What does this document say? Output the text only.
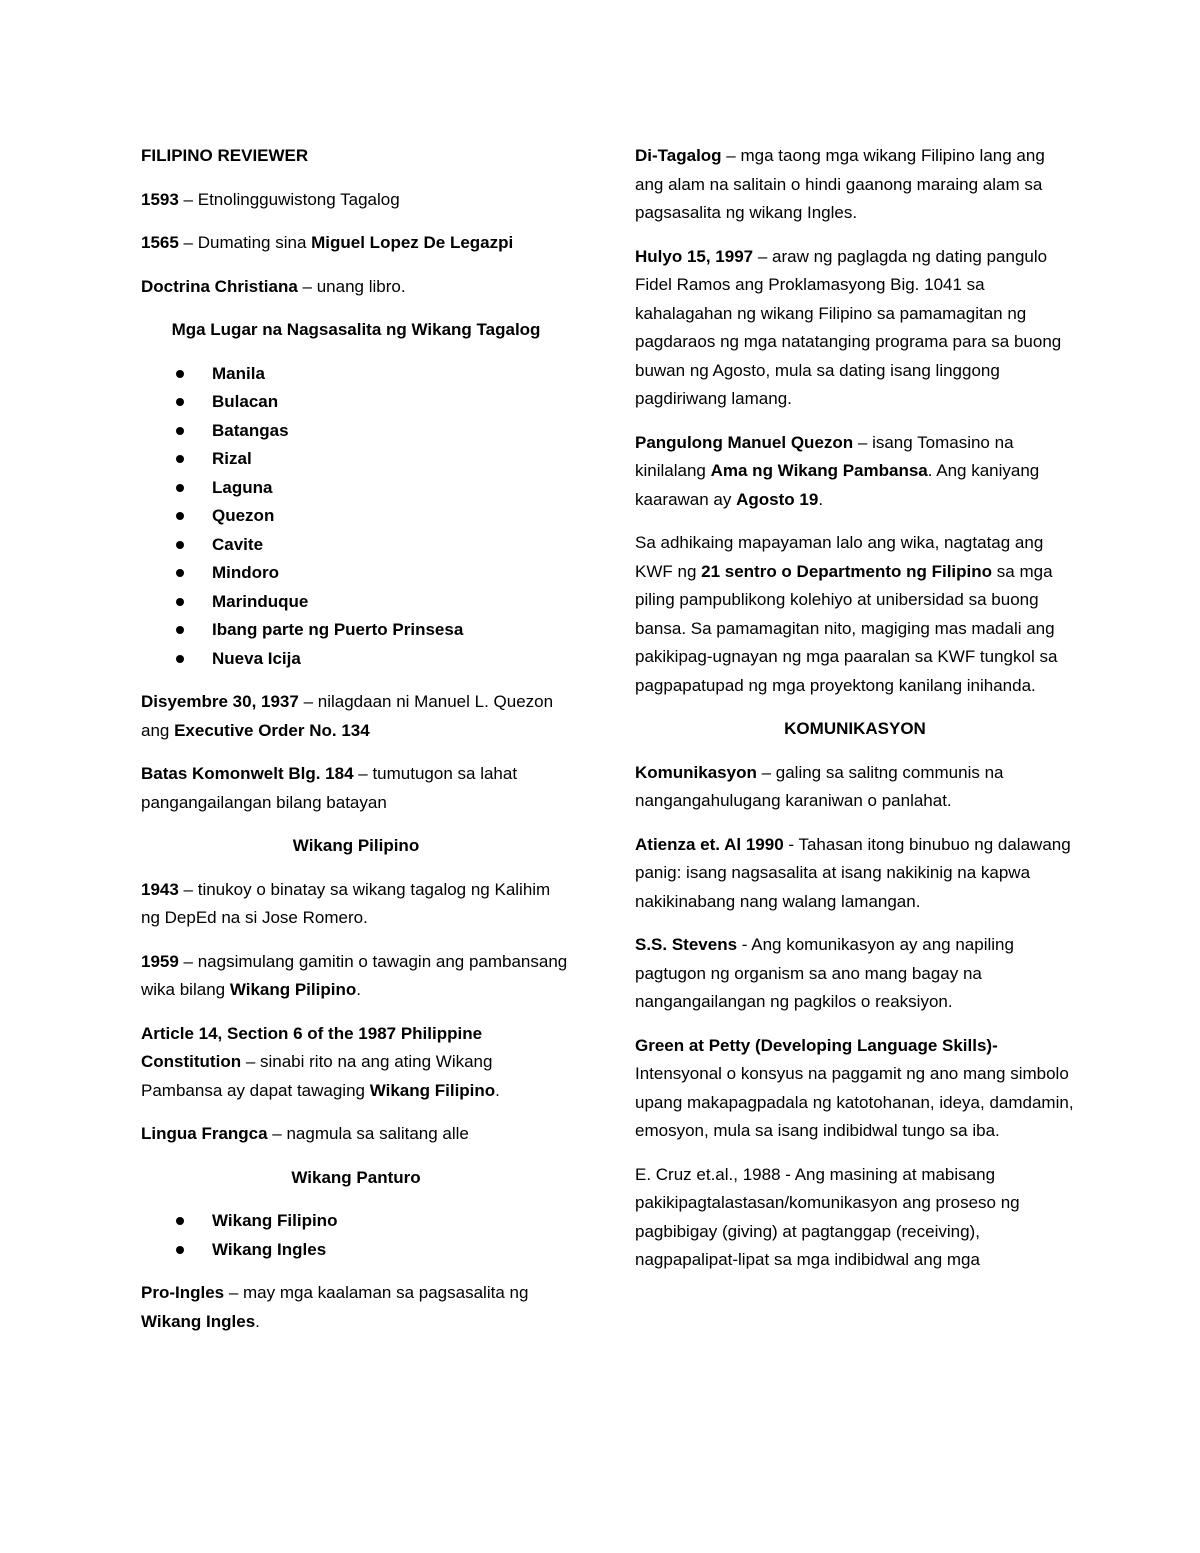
FILIPINO REVIEWER

1593 – Etnolingguwistong Tagalog

1565 – Dumating sina Miguel Lopez De Legazpi

Doctrina Christiana – unang libro.

Mga Lugar na Nagsasalita ng Wikang Tagalog

Manila
Bulacan
Batangas
Rizal
Laguna
Quezon
Cavite
Mindoro
Marinduque
Ibang parte ng Puerto Prinsesa
Nueva Icija

Disyembre 30, 1937 – nilagdaan ni Manuel L. Quezon ang Executive Order No. 134

Batas Komonwelt Blg. 184 – tumutugon sa lahat pangangailangan bilang batayan

Wikang Pilipino

1943 – tinukoy o binatay sa wikang tagalog ng Kalihim ng DepEd na si Jose Romero.

1959 – nagsimulang gamitin o tawagin ang pambansang wika bilang Wikang Pilipino.

Article 14, Section 6 of the 1987 Philippine Constitution – sinabi rito na ang ating Wikang Pambansa ay dapat tawaging Wikang Filipino.

Lingua Frangca – nagmula sa salitang alle

Wikang Panturo

Wikang Filipino
Wikang Ingles

Pro-Ingles – may mga kaalaman sa pagsasalita ng Wikang Ingles.

Di-Tagalog – mga taong mga wikang Filipino lang ang ang alam na salitain o hindi gaanong maraing alam sa pagsasalita ng wikang Ingles.

Hulyo 15, 1997 – araw ng paglagda ng dating pangulo Fidel Ramos ang Proklamasyong Big. 1041 sa kahalagahan ng wikang Filipino sa pamamagitan ng pagdaraos ng mga natatanging programa para sa buong buwan ng Agosto, mula sa dating isang linggong pagdiriwang lamang.

Pangulong Manuel Quezon – isang Tomasino na kinilalang Ama ng Wikang Pambansa. Ang kaniyang kaarawan ay Agosto 19.

Sa adhikaing mapayaman lalo ang wika, nagtatag ang KWF ng 21 sentro o Departmento ng Filipino sa mga piling pampublikong kolehiyo at unibersidad sa buong bansa. Sa pamamagitan nito, magiging mas madali ang pakikipag-ugnayan ng mga paaralan sa KWF tungkol sa pagpapatupad ng mga proyektong kanilang inihanda.

KOMUNIKASYON

Komunikasyon – galing sa salitng communis na nangangahulugang karaniwan o panlahat.

Atienza et. Al 1990 - Tahasan itong binubuo ng dalawang panig: isang nagsasalita at isang nakikinig na kapwa nakikinabang nang walang lamangan.

S.S. Stevens - Ang komunikasyon ay ang napiling pagtugon ng organism sa ano mang bagay na nangangailangan ng pagkilos o reaksiyon.

Green at Petty (Developing Language Skills)- Intensyonal o konsyus na paggamit ng ano mang simbolo upang makapagpadala ng katotohanan, ideya, damdamin, emosyon, mula sa isang indibidwal tungo sa iba.

E. Cruz et.al., 1988 - Ang masining at mabisang pakikipagtalastasan/komunikasyon ang proseso ng pagbibigay (giving) at pagtanggap (receiving), nagpapalipat-lipat sa mga indibidwal ang mga
